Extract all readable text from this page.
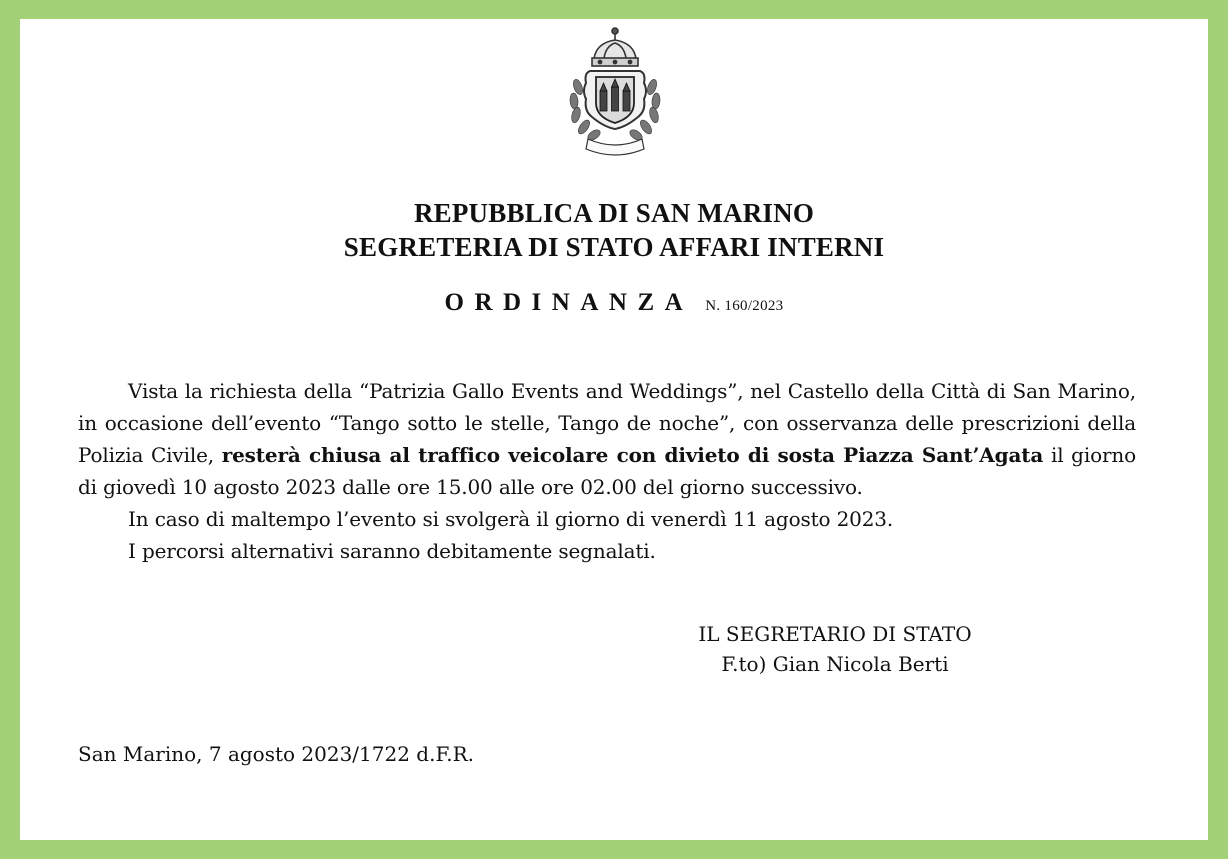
REPUBBLICA DI SAN MARINO
SEGRETERIA DI STATO AFFARI INTERNI
ORDINANZA N. 160/2023

Vista la richiesta della “Patrizia Gallo Events and Weddings”, nel Castello della Città di San Marino, in occasione dell’evento “Tango sotto le stelle, Tango de noche”, con osservanza delle prescrizioni della Polizia Civile, resterà chiusa al traffico veicolare con divieto di sosta Piazza Sant’Agata il giorno di giovedì 10 agosto 2023 dalle ore 15.00 alle ore 02.00 del giorno successivo.

In caso di maltempo l’evento si svolgerà il giorno di venerdì 11 agosto 2023.

I percorsi alternativi saranno debitamente segnalati.

IL SEGRETARIO DI STATO
F.to) Gian Nicola Berti
San Marino, 7 agosto 2023/1722 d.F.R.
